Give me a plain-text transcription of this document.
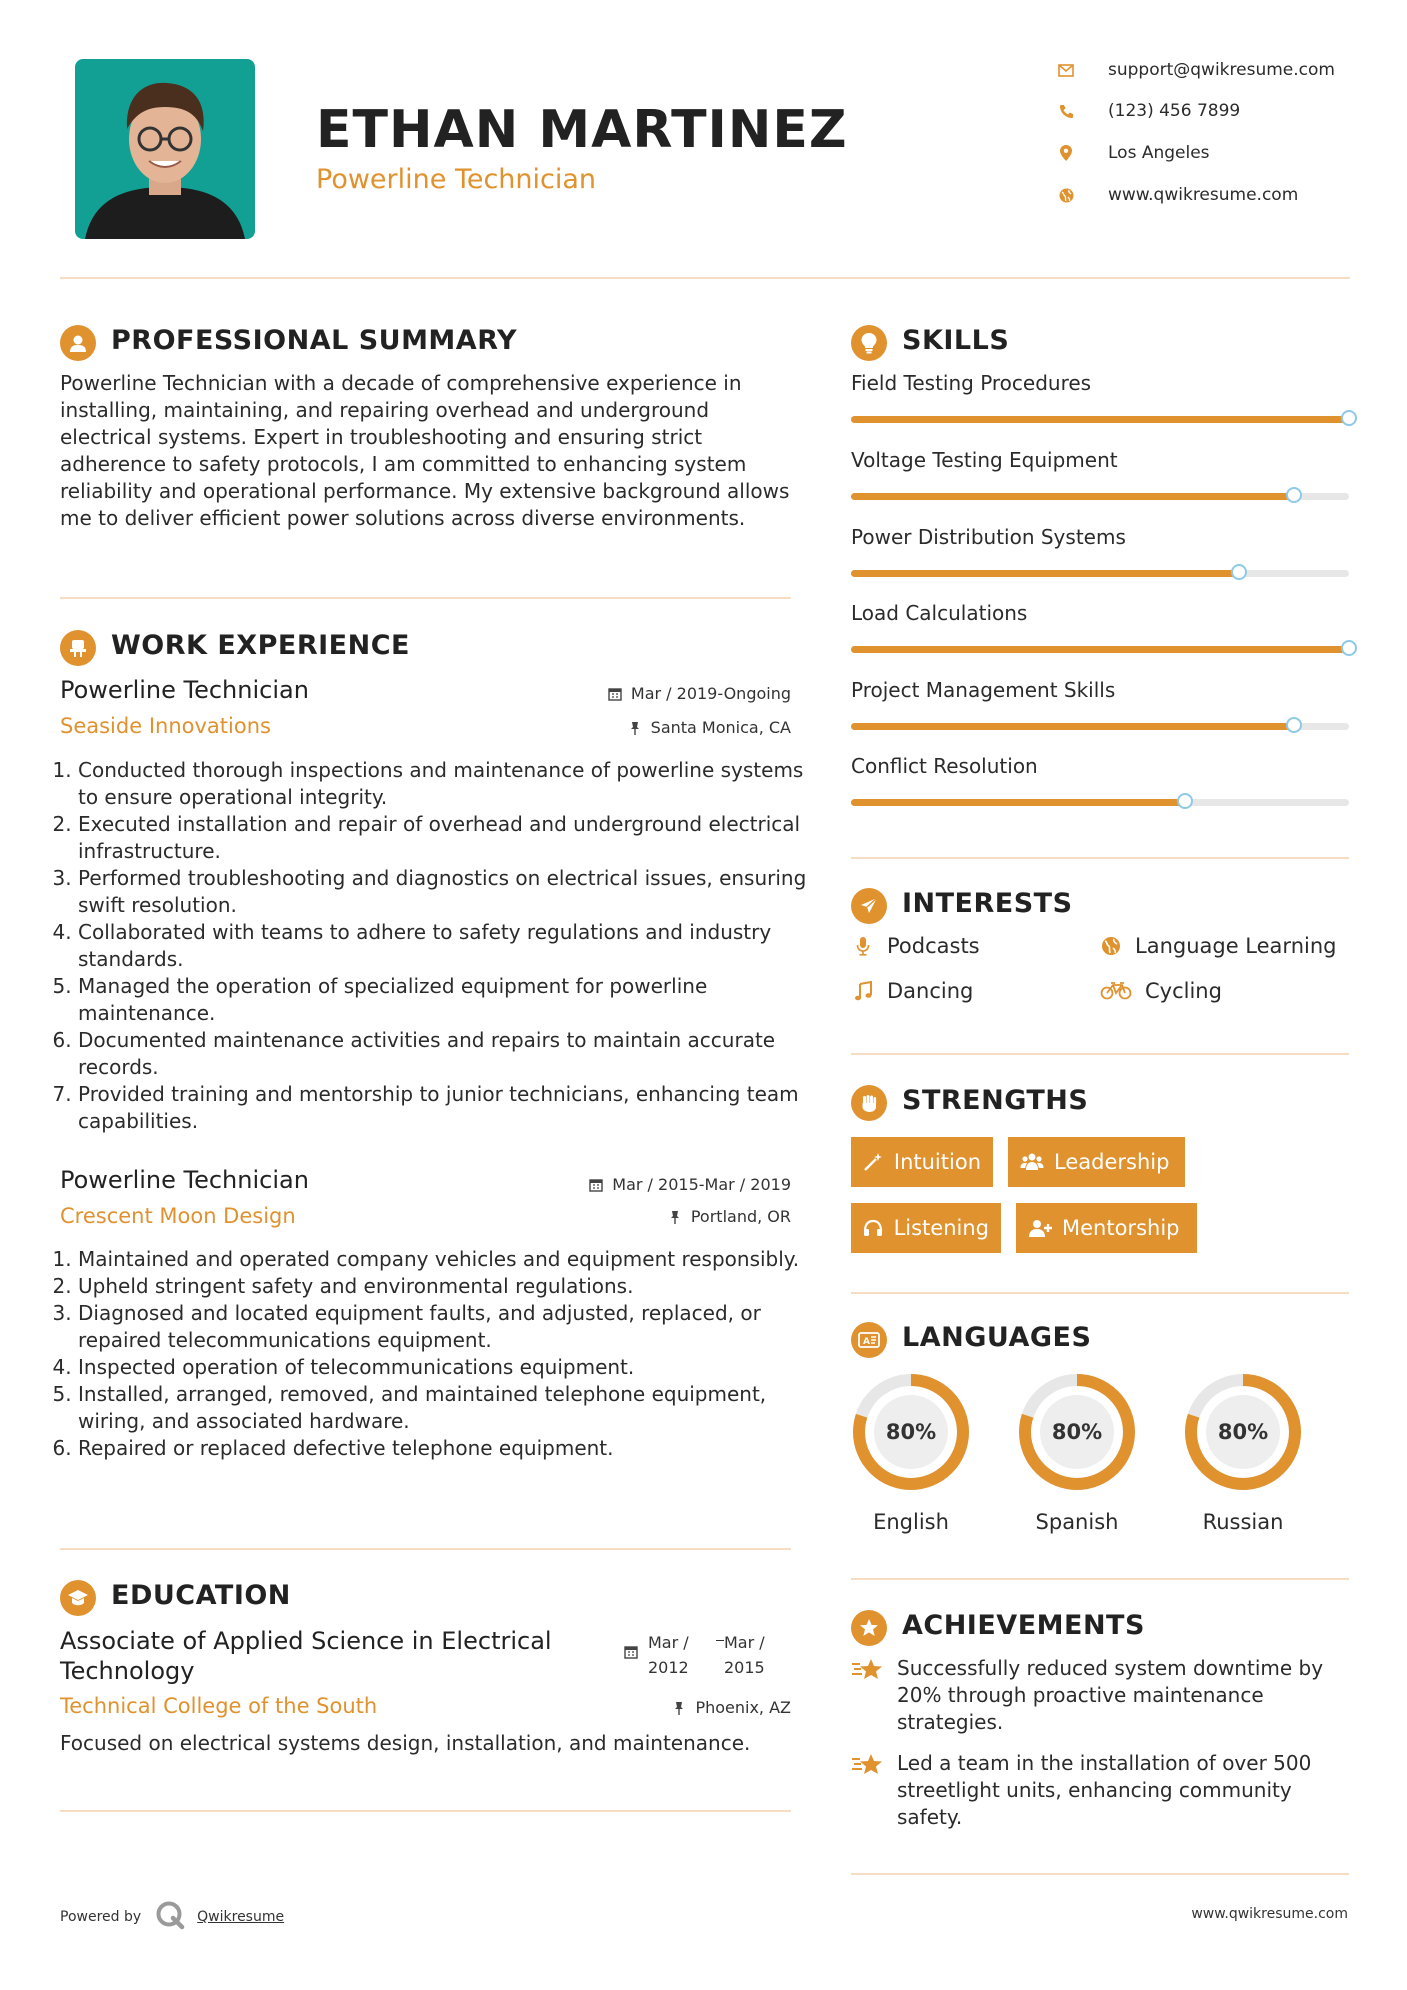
ETHAN MARTINEZ
Powerline Technician
support@qwikresume.com
(123) 456 7899
Los Angeles
www.qwikresume.com
PROFESSIONAL SUMMARY
Powerline Technician with a decade of comprehensive experience in installing, maintaining, and repairing overhead and underground electrical systems. Expert in troubleshooting and ensuring strict adherence to safety protocols, I am committed to enhancing system reliability and operational performance. My extensive background allows me to deliver efficient power solutions across diverse environments.
WORK EXPERIENCE
Powerline Technician	Mar / 2019-Ongoing
Seaside Innovations	Santa Monica, CA
1. Conducted thorough inspections and maintenance of powerline systems to ensure operational integrity.
2. Executed installation and repair of overhead and underground electrical infrastructure.
3. Performed troubleshooting and diagnostics on electrical issues, ensuring swift resolution.
4. Collaborated with teams to adhere to safety regulations and industry standards.
5. Managed the operation of specialized equipment for powerline maintenance.
6. Documented maintenance activities and repairs to maintain accurate records.
7. Provided training and mentorship to junior technicians, enhancing team capabilities.
Powerline Technician	Mar / 2015-Mar / 2019
Crescent Moon Design	Portland, OR
1. Maintained and operated company vehicles and equipment responsibly.
2. Upheld stringent safety and environmental regulations.
3. Diagnosed and located equipment faults, and adjusted, replaced, or repaired telecommunications equipment.
4. Inspected operation of telecommunications equipment.
5. Installed, arranged, removed, and maintained telephone equipment, wiring, and associated hardware.
6. Repaired or replaced defective telephone equipment.
EDUCATION
Associate of Applied Science in Electrical
Technology
Mar /
2012
Mar /
2015
Technical College of the South	Phoenix, AZ
Focused on electrical systems design, installation, and maintenance.
SKILLS
Field Testing Procedures
Voltage Testing Equipment
Power Distribution Systems
Load Calculations
Project Management Skills
Conflict Resolution
INTERESTS
Podcasts	Language Learning
Dancing	Cycling
STRENGTHS
Intuition	Leadership
Listening	Mentorship
A LANGUAGES
80%
English
80%
Spanish
80%
Russian
ACHIEVEMENTS
Successfully reduced system downtime by 20% through proactive maintenance strategies.
Led a team in the installation of over 500 streetlight units, enhancing community safety.
Powered by	Qwikresume	www.qwikresume.com
